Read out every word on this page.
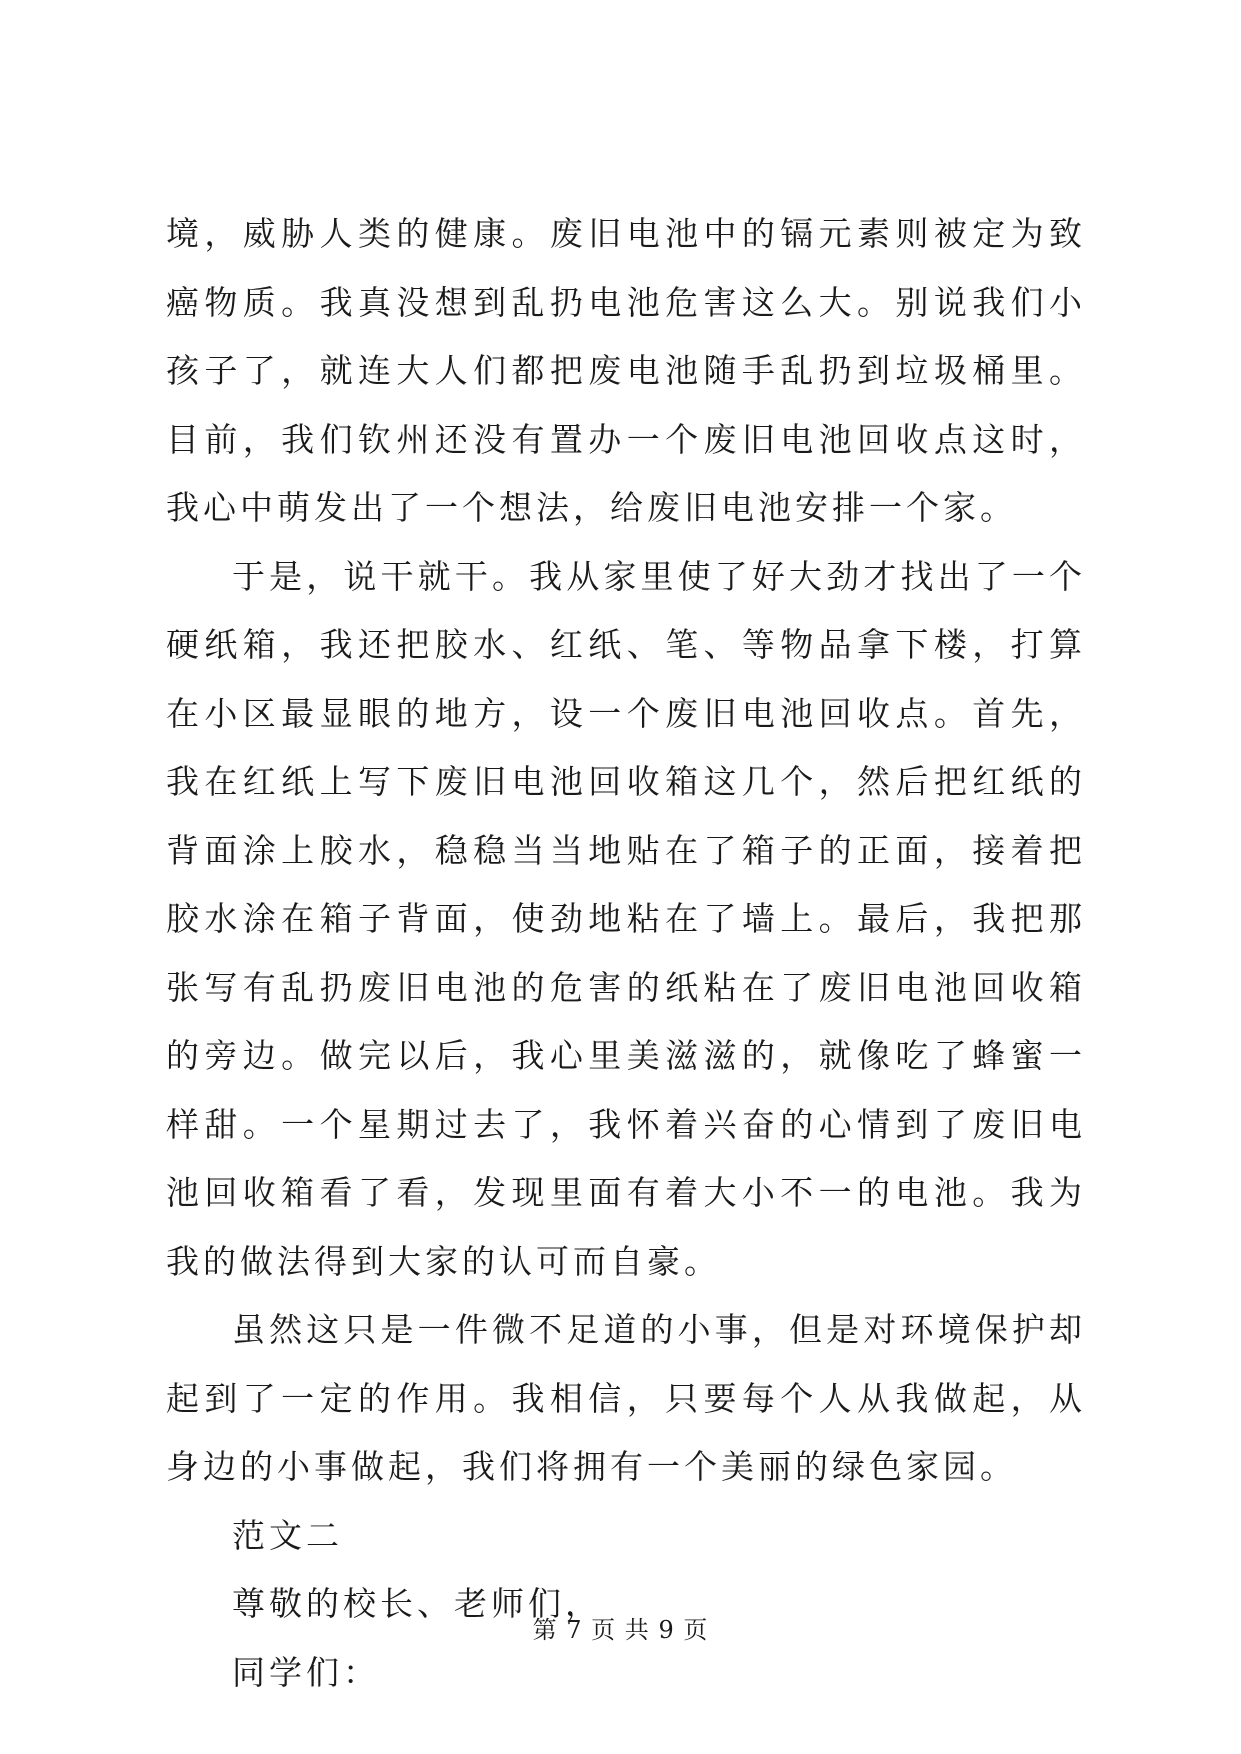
境，威胁人类的健康。废旧电池中的镉元素则被定为致癌物质。我真没想到乱扔电池危害这么大。别说我们小孩子了，就连大人们都把废电池随手乱扔到垃圾桶里。目前，我们钦州还没有置办一个废旧电池回收点这时，我心中萌发出了一个想法，给废旧电池安排一个家。

于是，说干就干。我从家里使了好大劲才找出了一个硬纸箱，我还把胶水、红纸、笔、等物品拿下楼，打算在小区最显眼的地方，设一个废旧电池回收点。首先，我在红纸上写下废旧电池回收箱这几个，然后把红纸的背面涂上胶水，稳稳当当地贴在了箱子的正面，接着把胶水涂在箱子背面，使劲地粘在了墙上。最后，我把那张写有乱扔废旧电池的危害的纸粘在了废旧电池回收箱的旁边。做完以后，我心里美滋滋的，就像吃了蜂蜜一样甜。一个星期过去了，我怀着兴奋的心情到了废旧电池回收箱看了看，发现里面有着大小不一的电池。我为我的做法得到大家的认可而自豪。

虽然这只是一件微不足道的小事，但是对环境保护却起到了一定的作用。我相信，只要每个人从我做起，从身边的小事做起，我们将拥有一个美丽的绿色家园。

范文二

尊敬的校长、老师们，

同学们：

第 7 页 共 9 页
